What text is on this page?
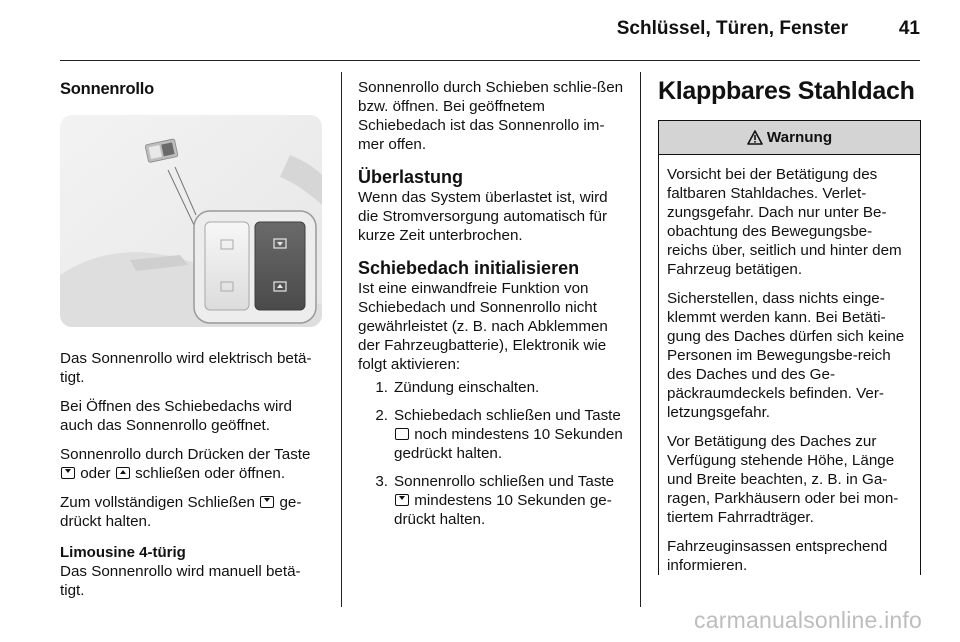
Schlüssel, Türen, Fenster	41
Sonnenrollo

Das Sonnenrollo wird elektrisch betä-tigt.

Bei Öffnen des Schiebedachs wird auch das Sonnenrollo geöffnet.

Sonnenrollo durch Drücken der Taste  oder  schließen oder öffnen.

Zum vollständigen Schließen  ge-drückt halten.

Limousine 4-türig

Das Sonnenrollo wird manuell betä-tigt.

Sonnenrollo durch Schieben schlie-ßen bzw. öffnen. Bei geöffnetem Schiebedach ist das Sonnenrollo im-mer offen.

Überlastung

Wenn das System überlastet ist, wird die Stromversorgung automatisch für kurze Zeit unterbrochen.

Schiebedach initialisieren

Ist eine einwandfreie Funktion von Schiebedach und Sonnenrollo nicht gewährleistet (z. B. nach Abklemmen der Fahrzeugbatterie), Elektronik wie folgt aktivieren:

1. Zündung einschalten.
2. Schiebedach schließen und Taste  noch mindestens 10 Sekunden gedrückt halten.
3. Sonnenrollo schließen und Taste  mindestens 10 Sekunden ge-drückt halten.
Klappbares Stahldach
Warnung

Vorsicht bei der Betätigung des faltbaren Stahldaches. Verlet-zungsgefahr. Dach nur unter Be-obachtung des Bewegungsbe-reichs über, seitlich und hinter dem Fahrzeug betätigen.

Sicherstellen, dass nichts einge-klemmt werden kann. Bei Betäti-gung des Daches dürfen sich keine Personen im Bewegungsbe-reich des Daches und des Ge-päckraumdeckels befinden. Ver-letzungsgefahr.

Vor Betätigung des Daches zur Verfügung stehende Höhe, Länge und Breite beachten, z. B. in Ga-ragen, Parkhäusern oder bei mon-tiertem Fahrradträger.

Fahrzeuginsassen entsprechend informieren.

carmanualsonline.info
